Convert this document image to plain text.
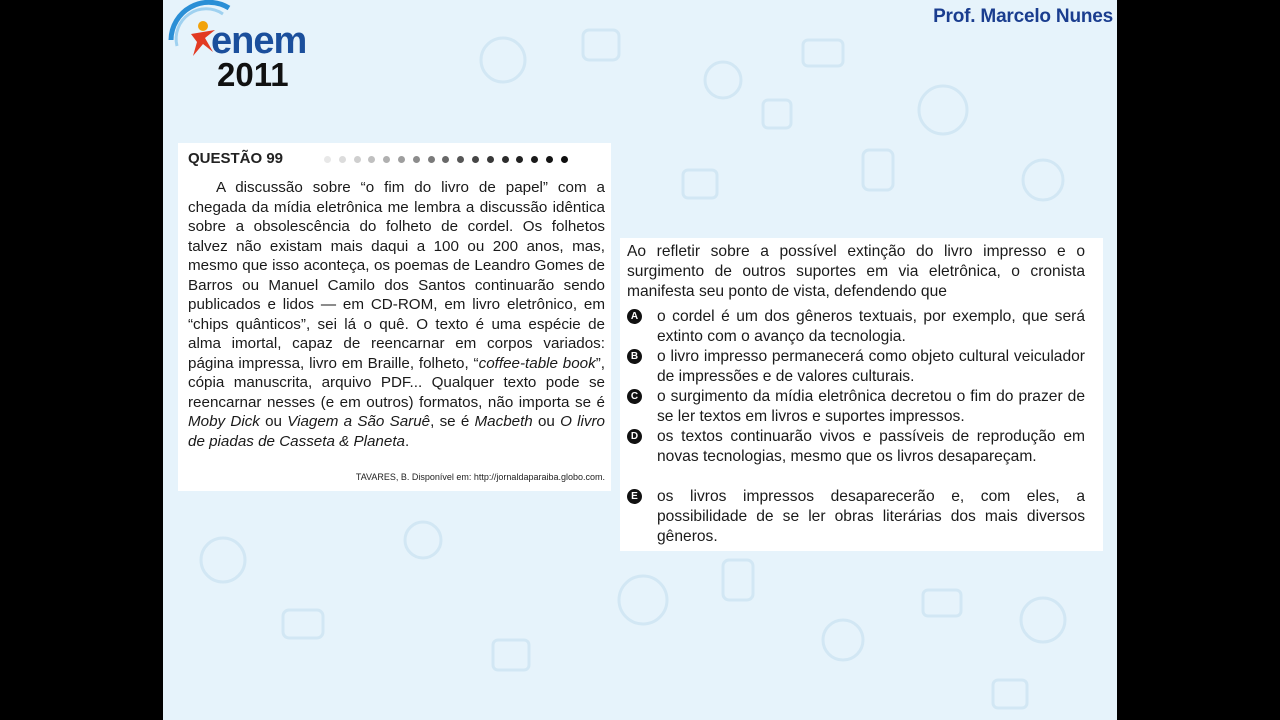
enem
2011
Prof. Marcelo Nunes
QUESTÃO 99

A discussão sobre “o fim do livro de papel” com a chegada da mídia eletrônica me lembra a discussão idêntica sobre a obsolescência do folheto de cordel. Os folhetos talvez não existam mais daqui a 100 ou 200 anos, mas, mesmo que isso aconteça, os poemas de Leandro Gomes de Barros ou Manuel Camilo dos Santos continuarão sendo publicados e lidos — em CD-ROM, em livro eletrônico, em “chips quânticos”, sei lá o quê. O texto é uma espécie de alma imortal, capaz de reencarnar em corpos variados: página impressa, livro em Braille, folheto, “coffee-table book”, cópia manuscrita, arquivo PDF... Qualquer texto pode se reencarnar nesses (e em outros) formatos, não importa se é Moby Dick ou Viagem a São Saruê, se é Macbeth ou O livro de piadas de Casseta & Planeta.

TAVARES, B. Disponível em: http://jornaldaparaiba.globo.com.
Ao refletir sobre a possível extinção do livro impresso e o surgimento de outros suportes em via eletrônica, o cronista manifesta seu ponto de vista, defendendo que
A o cordel é um dos gêneros textuais, por exemplo, que será extinto com o avanço da tecnologia.
B o livro impresso permanecerá como objeto cultural veiculador de impressões e de valores culturais.
C o surgimento da mídia eletrônica decretou o fim do prazer de se ler textos em livros e suportes impressos.
D os textos continuarão vivos e passíveis de reprodução em novas tecnologias, mesmo que os livros desapareçam.
E os livros impressos desaparecerão e, com eles, a possibilidade de se ler obras literárias dos mais diversos gêneros.
